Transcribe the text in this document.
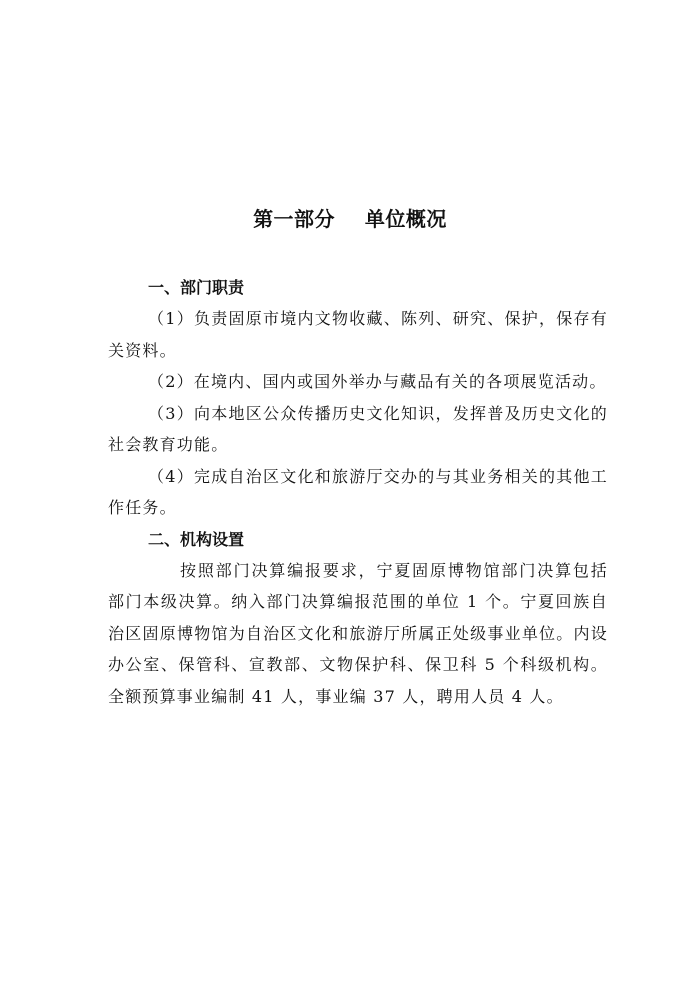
第一部分    单位概况

一、部门职责

（1）负责固原市境内文物收藏、陈列、研究、保护，保存有关资料。

（2）在境内、国内或国外举办与藏品有关的各项展览活动。

（3）向本地区公众传播历史文化知识，发挥普及历史文化的社会教育功能。

（4）完成自治区文化和旅游厅交办的与其业务相关的其他工作任务。

二、机构设置

按照部门决算编报要求，宁夏固原博物馆部门决算包括部门本级决算。纳入部门决算编报范围的单位 1 个。宁夏回族自治区固原博物馆为自治区文化和旅游厅所属正处级事业单位。内设办公室、保管科、宣教部、文物保护科、保卫科 5 个科级机构。全额预算事业编制 41 人，事业编 37 人，聘用人员 4 人。
